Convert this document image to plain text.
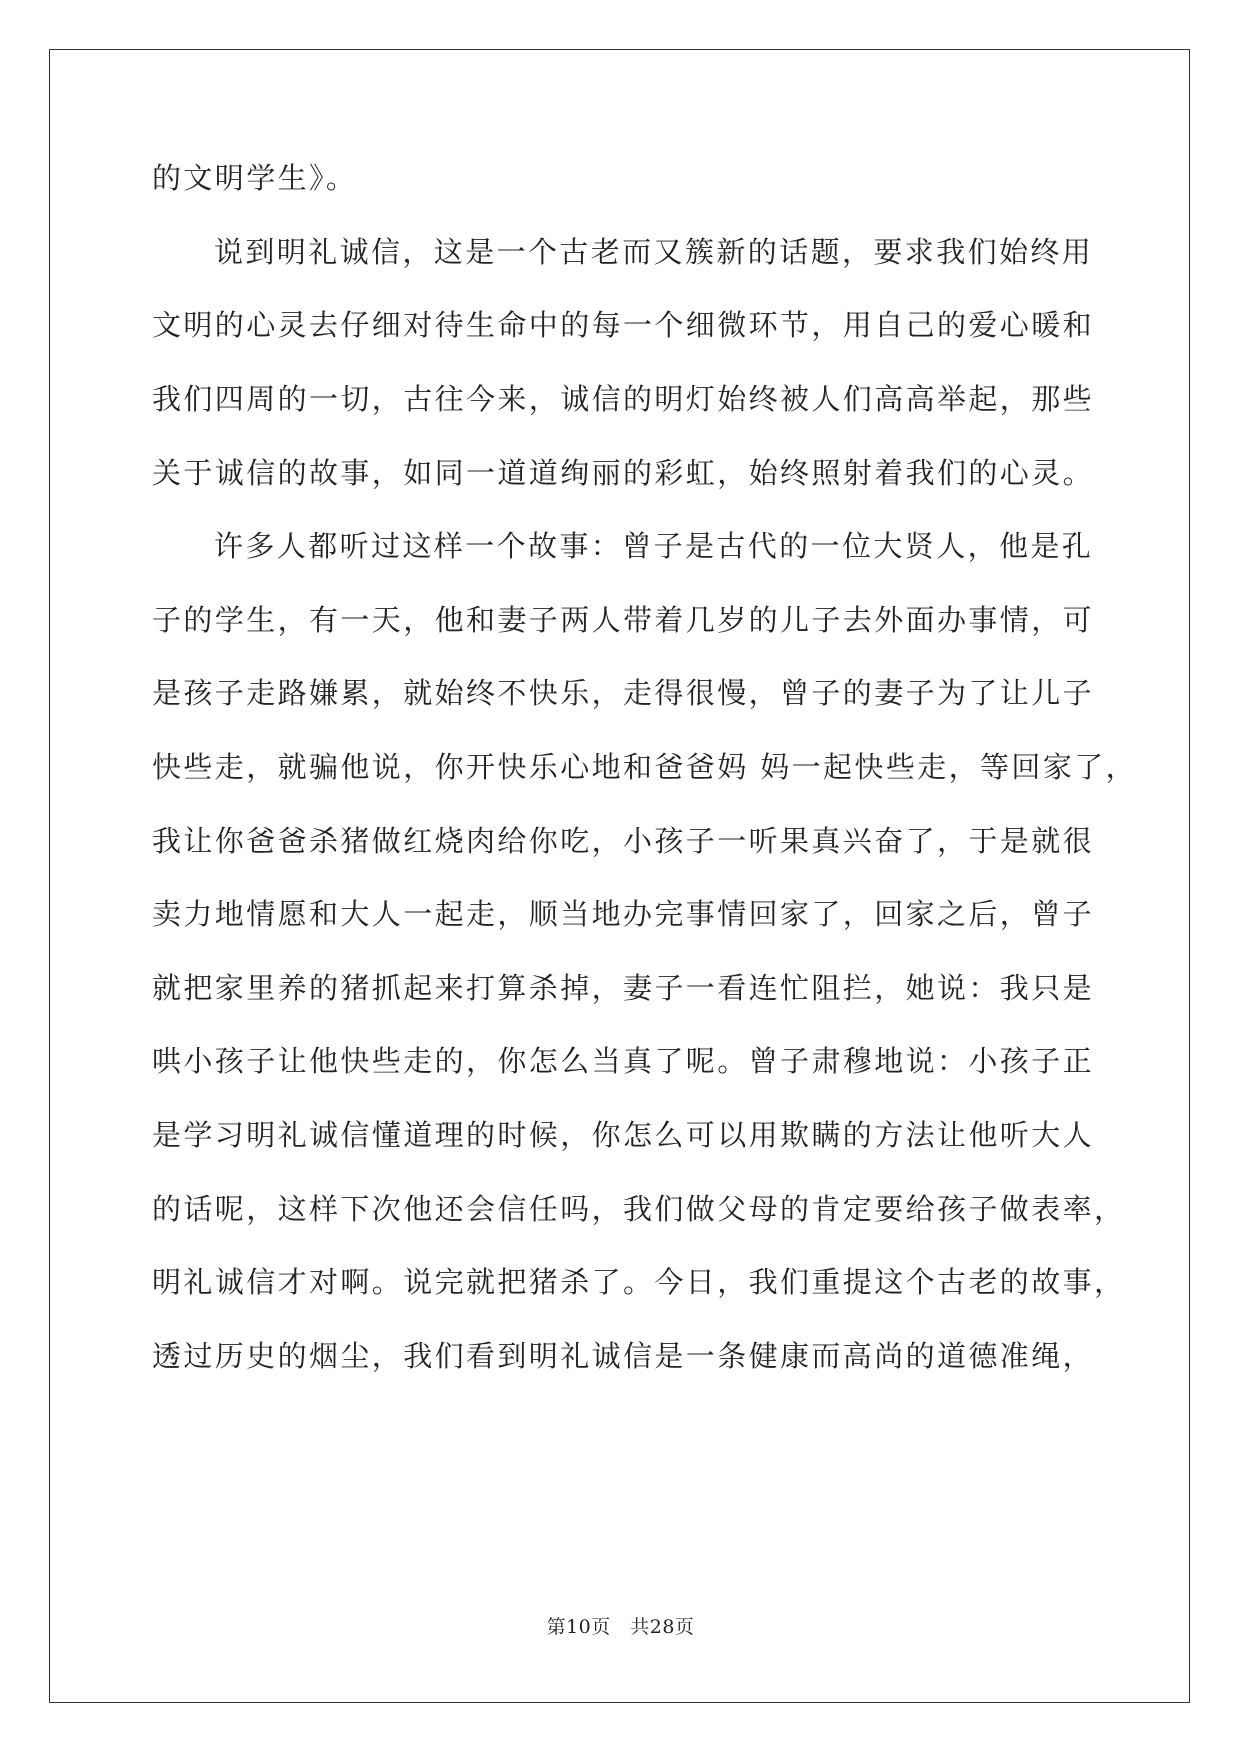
的文明学生》。
说到明礼诚信，这是一个古老而又簇新的话题，要求我们始终用
文明的心灵去仔细对待生命中的每一个细微环节，用自己的爱心暖和
我们四周的一切，古往今来，诚信的明灯始终被人们高高举起，那些
关于诚信的故事，如同一道道绚丽的彩虹，始终照射着我们的心灵。
许多人都听过这样一个故事：曾子是古代的一位大贤人，他是孔
子的学生，有一天，他和妻子两人带着几岁的儿子去外面办事情，可
是孩子走路嫌累，就始终不快乐，走得很慢，曾子的妻子为了让儿子
快些走，就骗他说，你开快乐心地和爸爸妈 妈一起快些走，等回家了，
我让你爸爸杀猪做红烧肉给你吃，小孩子一听果真兴奋了，于是就很
卖力地情愿和大人一起走，顺当地办完事情回家了，回家之后，曾子
就把家里养的猪抓起来打算杀掉，妻子一看连忙阻拦，她说：我只是
哄小孩子让他快些走的，你怎么当真了呢。曾子肃穆地说：小孩子正
是学习明礼诚信懂道理的时候，你怎么可以用欺瞒的方法让他听大人
的话呢，这样下次他还会信任吗，我们做父母的肯定要给孩子做表率，
明礼诚信才对啊。说完就把猪杀了。今日，我们重提这个古老的故事，
透过历史的烟尘，我们看到明礼诚信是一条健康而高尚的道德准绳，
第10页　共28页
